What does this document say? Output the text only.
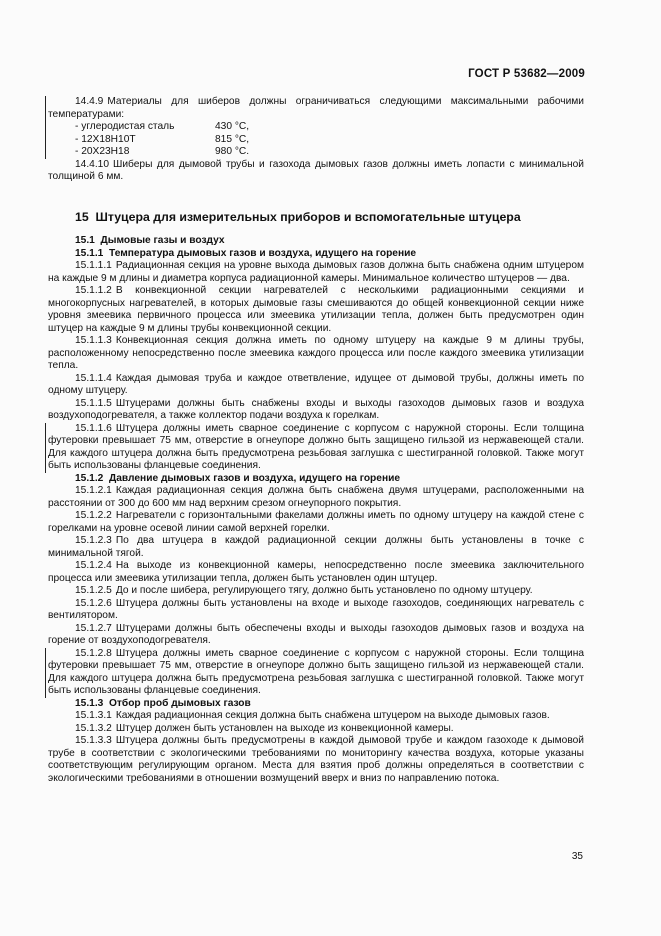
ГОСТ Р 53682—2009

14.4.9 Материалы для шиберов должны ограничиваться следующими максимальными рабочими температурами:

- углеродистая сталь	430 °C,
- 12Х18Н10Т	815 °C,
- 20Х23Н18	980 °C.

14.4.10 Шиберы для дымовой трубы и газохода дымовых газов должны иметь лопасти с минимальной толщиной 6 мм.

15 Штуцера для измерительных приборов и вспомогательные штуцера

15.1 Дымовые газы и воздух

15.1.1 Температура дымовых газов и воздуха, идущего на горение

15.1.1.1 Радиационная секция на уровне выхода дымовых газов должна быть снабжена одним штуцером на каждые 9 м длины и диаметра корпуса радиационной камеры. Минимальное количество штуцеров — два.

15.1.1.2 В конвекционной секции нагревателей с несколькими радиационными секциями и многокорпусных нагревателей, в которых дымовые газы смешиваются до общей конвекционной секции ниже уровня змеевика первичного процесса или змеевика утилизации тепла, должен быть предусмотрен один штуцер на каждые 9 м длины трубы конвекционной секции.

15.1.1.3 Конвекционная секция должна иметь по одному штуцеру на каждые 9 м длины трубы, расположенному непосредственно после змеевика каждого процесса или после каждого змеевика утилизации тепла.

15.1.1.4 Каждая дымовая труба и каждое ответвление, идущее от дымовой трубы, должны иметь по одному штуцеру.

15.1.1.5 Штуцерами должны быть снабжены входы и выходы газоходов дымовых газов и воздуха воздухоподогревателя, а также коллектор подачи воздуха к горелкам.

15.1.1.6 Штуцера должны иметь сварное соединение с корпусом с наружной стороны. Если толщина футеровки превышает 75 мм, отверстие в огнеупоре должно быть защищено гильзой из нержавеющей стали. Для каждого штуцера должна быть предусмотрена резьбовая заглушка с шестигранной головкой. Также могут быть использованы фланцевые соединения.

15.1.2 Давление дымовых газов и воздуха, идущего на горение

15.1.2.1 Каждая радиационная секция должна быть снабжена двумя штуцерами, расположенными на расстоянии от 300 до 600 мм над верхним срезом огнеупорного покрытия.

15.1.2.2 Нагреватели с горизонтальными факелами должны иметь по одному штуцеру на каждой стене с горелками на уровне осевой линии самой верхней горелки.

15.1.2.3 По два штуцера в каждой радиационной секции должны быть установлены в точке с минимальной тягой.

15.1.2.4 На выходе из конвекционной камеры, непосредственно после змеевика заключительного процесса или змеевика утилизации тепла, должен быть установлен один штуцер.

15.1.2.5 До и после шибера, регулирующего тягу, должно быть установлено по одному штуцеру.

15.1.2.6 Штуцера должны быть установлены на входе и выходе газоходов, соединяющих нагреватель с вентилятором.

15.1.2.7 Штуцерами должны быть обеспечены входы и выходы газоходов дымовых газов и воздуха на горение от воздухоподогревателя.

15.1.2.8 Штуцера должны иметь сварное соединение с корпусом с наружной стороны. Если толщина футеровки превышает 75 мм, отверстие в огнеупоре должно быть защищено гильзой из нержавеющей стали. Для каждого штуцера должна быть предусмотрена резьбовая заглушка с шестигранной головкой. Также могут быть использованы фланцевые соединения.

15.1.3 Отбор проб дымовых газов

15.1.3.1 Каждая радиационная секция должна быть снабжена штуцером на выходе дымовых газов.

15.1.3.2 Штуцер должен быть установлен на выходе из конвекционной камеры.

15.1.3.3 Штуцера должны быть предусмотрены в каждой дымовой трубе и каждом газоходе к дымовой трубе в соответствии с экологическими требованиями по мониторингу качества воздуха, которые указаны соответствующим регулирующим органом. Места для взятия проб должны определяться в соответствии с экологическими требованиями в отношении возмущений вверх и вниз по направлению потока.

35
